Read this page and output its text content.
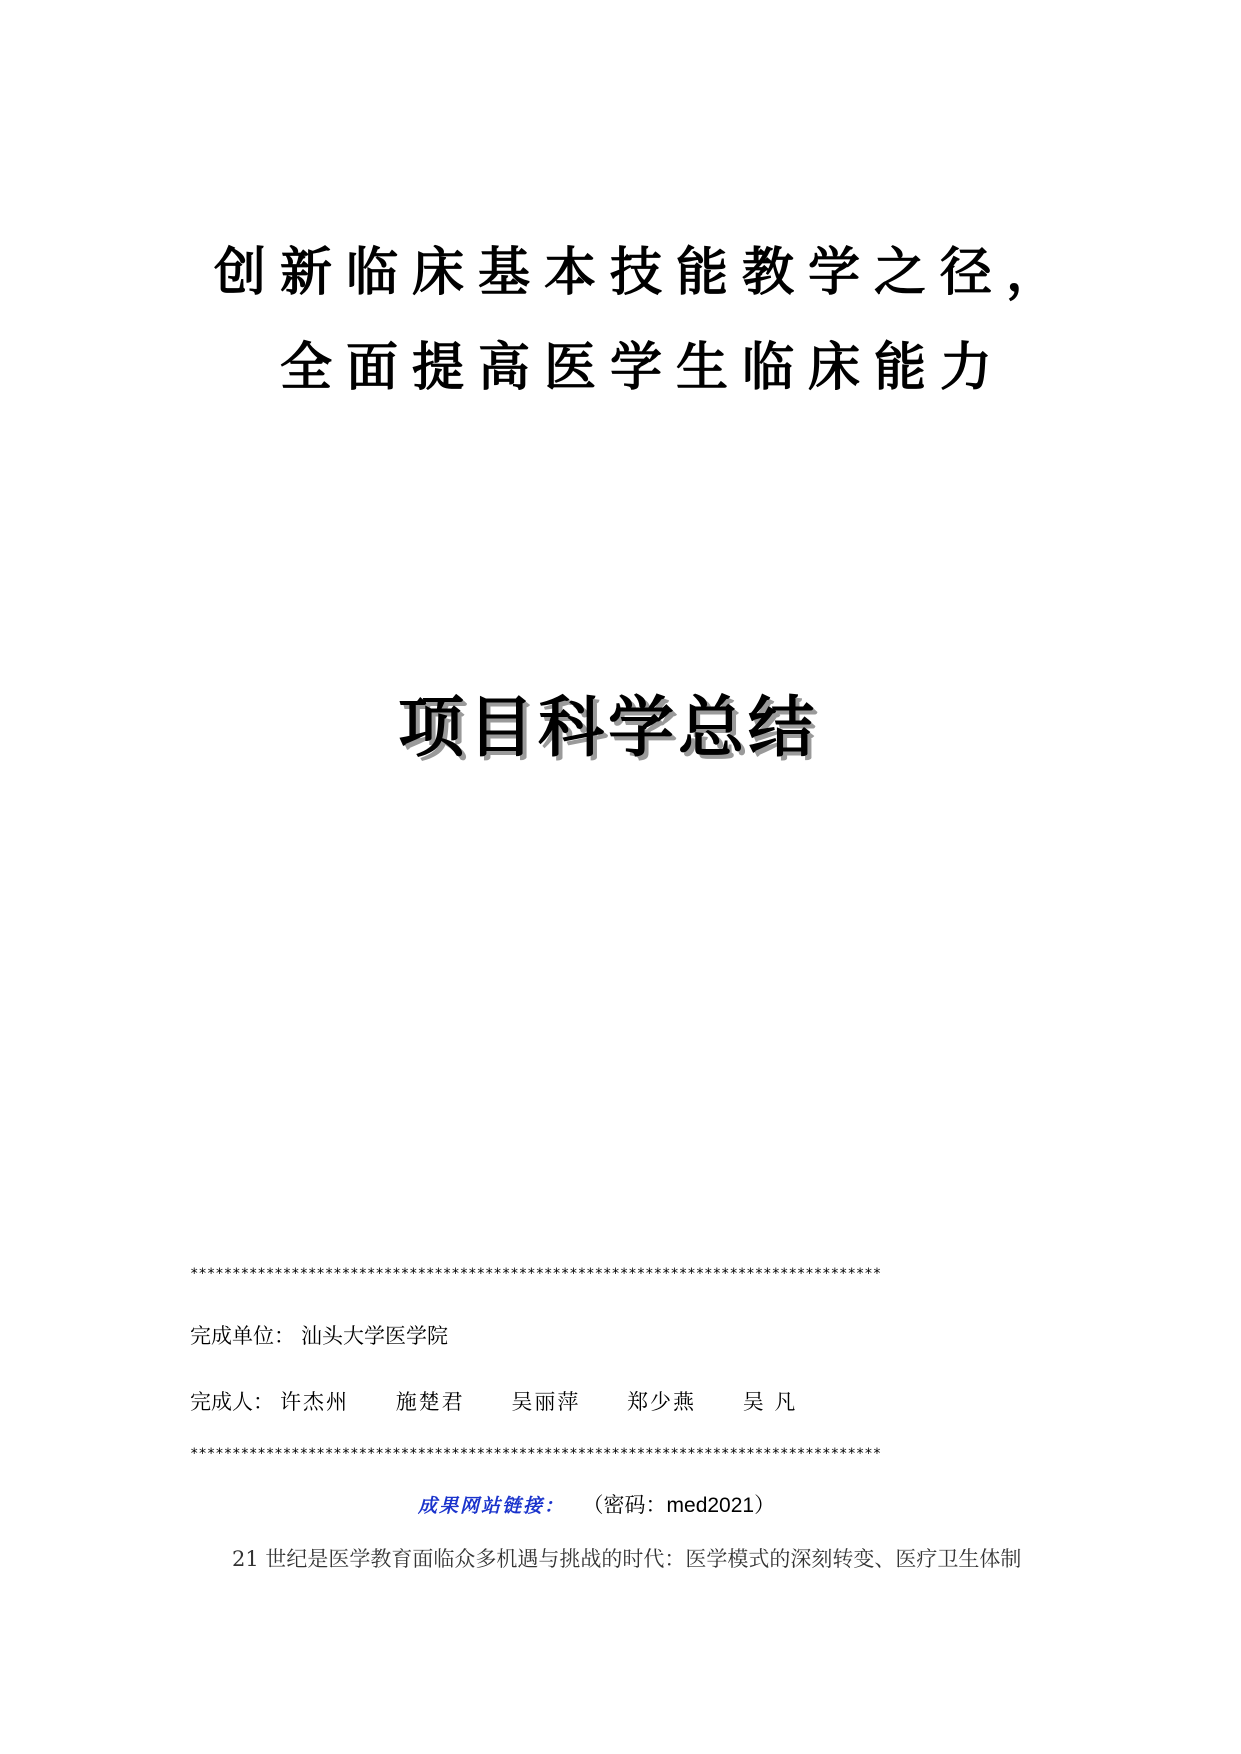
创新临床基本技能教学之径，
全面提高医学生临床能力
项目科学总结
**********************************************************************************
完成单位： 汕头大学医学院
完成人： 许杰州 施楚君 吴丽萍 郑少燕 吴 凡
**********************************************************************************
成果网站链接： （密码：med2021）
21 世纪是医学教育面临众多机遇与挑战的时代：医学模式的深刻转变、医疗卫生体制
